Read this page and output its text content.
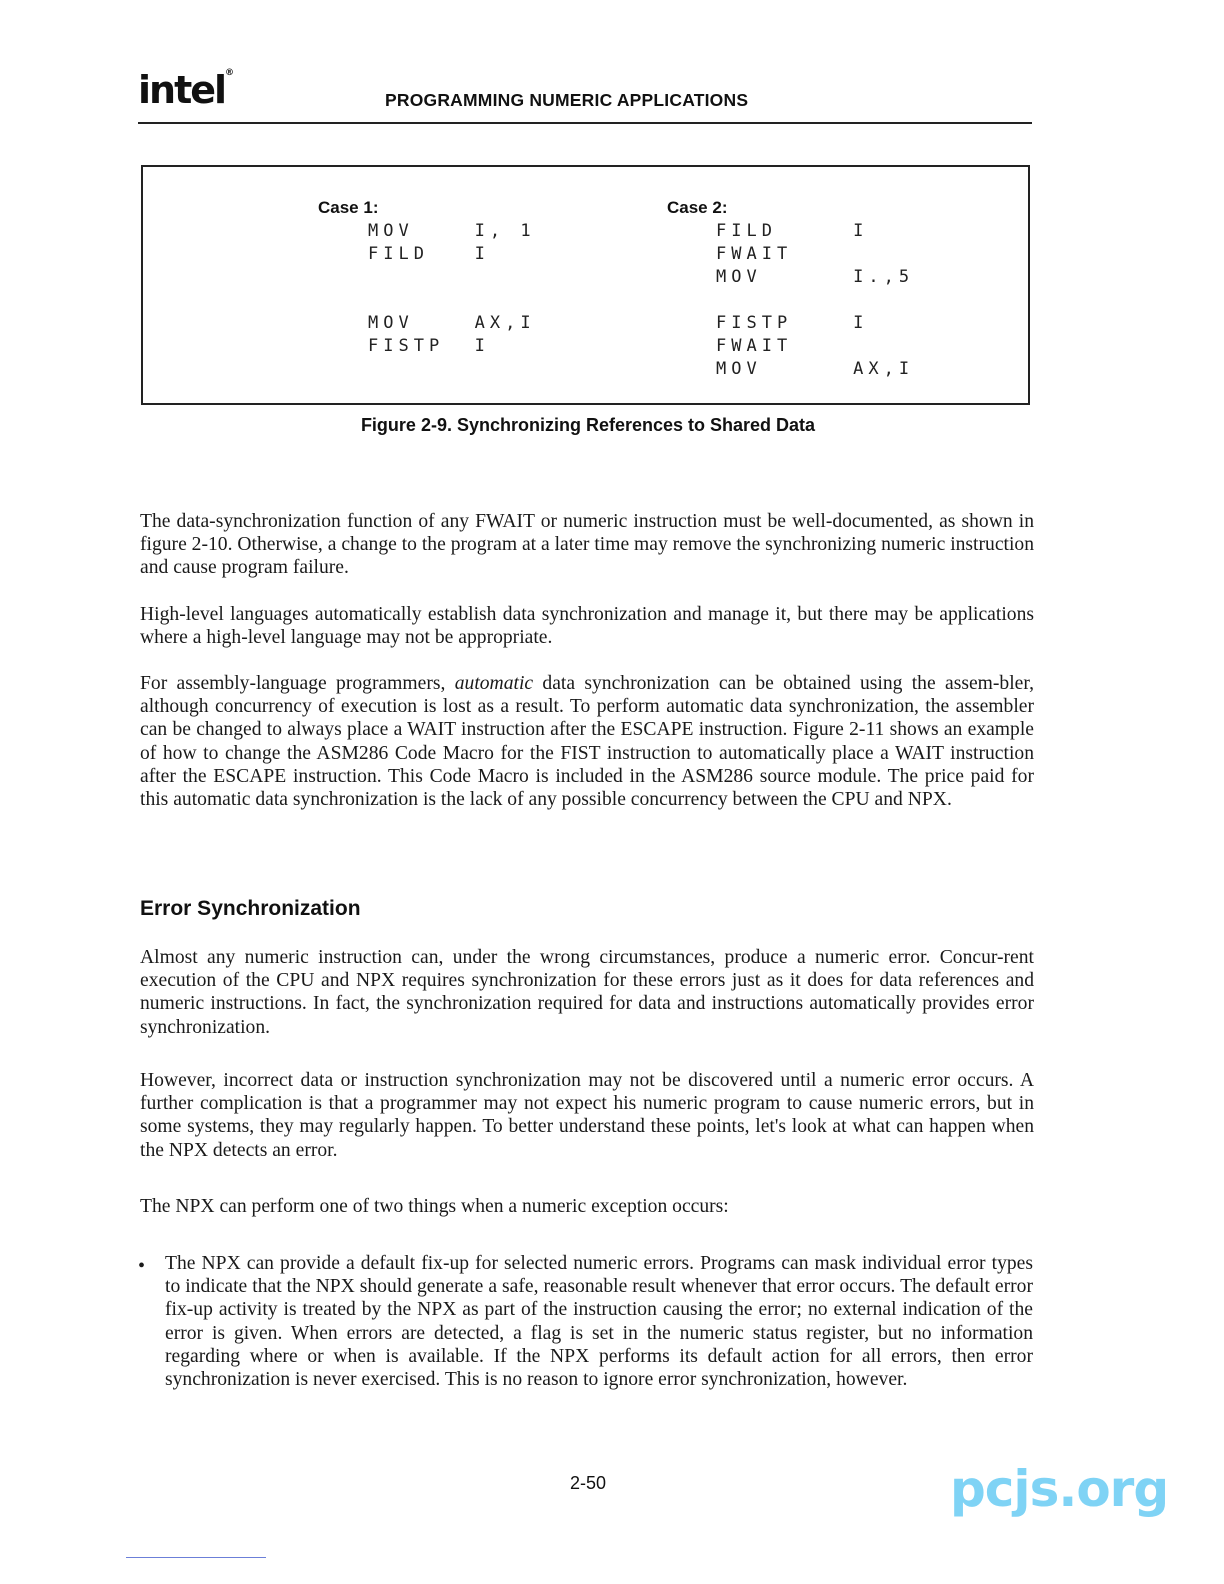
intel®
PROGRAMMING NUMERIC APPLICATIONS
Case 1:
MOV    I, 1
FILD   I
MOV    AX,I
FISTP  I
Case 2:
FILD     I
FWAIT
MOV      I.,5
FISTP    I
FWAIT
MOV      AX,I
Figure 2-9. Synchronizing References to Shared Data

The data-synchronization function of any FWAIT or numeric instruction must be well-documented, as shown in figure 2-10. Otherwise, a change to the program at a later time may remove the synchronizing numeric instruction and cause program failure.

High-level languages automatically establish data synchronization and manage it, but there may be applications where a high-level language may not be appropriate.

For assembly-language programmers, automatic data synchronization can be obtained using the assem-bler, although concurrency of execution is lost as a result. To perform automatic data synchronization, the assembler can be changed to always place a WAIT instruction after the ESCAPE instruction. Figure 2-11 shows an example of how to change the ASM286 Code Macro for the FIST instruction to automatically place a WAIT instruction after the ESCAPE instruction. This Code Macro is included in the ASM286 source module. The price paid for this automatic data synchronization is the lack of any possible concurrency between the CPU and NPX.

Error Synchronization

Almost any numeric instruction can, under the wrong circumstances, produce a numeric error. Concur-rent execution of the CPU and NPX requires synchronization for these errors just as it does for data references and numeric instructions. In fact, the synchronization required for data and instructions automatically provides error synchronization.

However, incorrect data or instruction synchronization may not be discovered until a numeric error occurs. A further complication is that a programmer may not expect his numeric program to cause numeric errors, but in some systems, they may regularly happen. To better understand these points, let's look at what can happen when the NPX detects an error.

The NPX can perform one of two things when a numeric exception occurs:

• The NPX can provide a default fix-up for selected numeric errors. Programs can mask individual error types to indicate that the NPX should generate a safe, reasonable result whenever that error occurs. The default error fix-up activity is treated by the NPX as part of the instruction causing the error; no external indication of the error is given. When errors are detected, a flag is set in the numeric status register, but no information regarding where or when is available. If the NPX performs its default action for all errors, then error synchronization is never exercised. This is no reason to ignore error synchronization, however.

2-50	pcjs.org
